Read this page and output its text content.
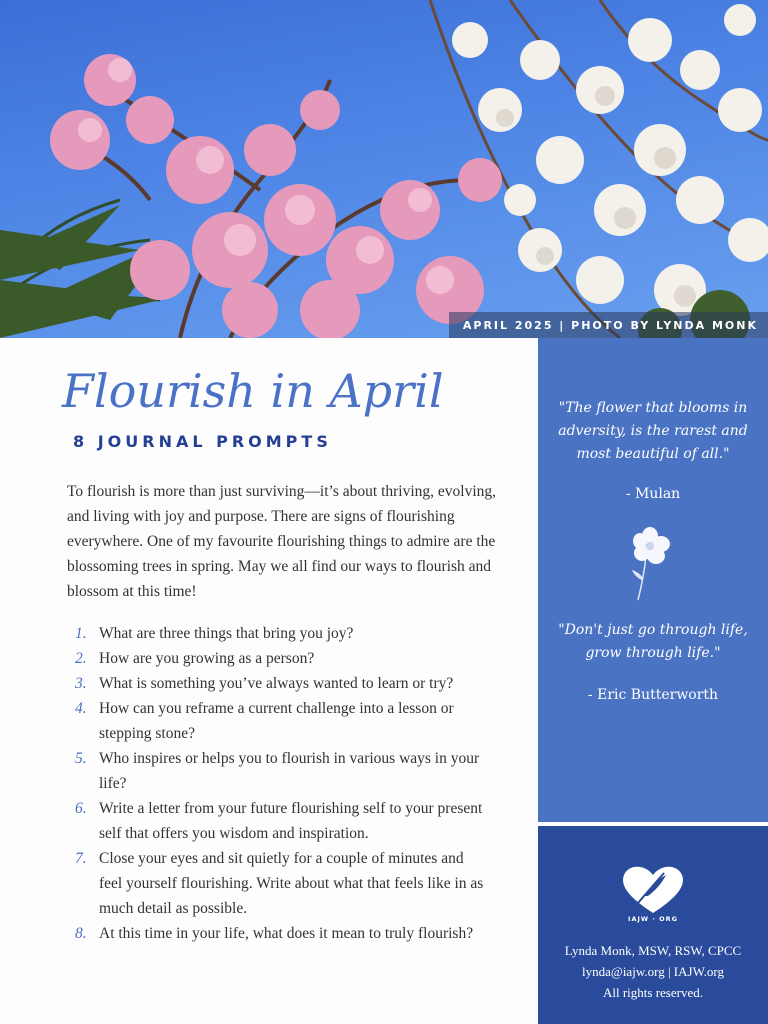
APRIL 2025 | PHOTO BY LYNDA MONK
Flourish in April
8 JOURNAL PROMPTS

To flourish is more than just surviving—it’s about thriving, evolving, and living with joy and purpose. There are signs of flourishing everywhere. One of my favourite flourishing things to admire are the blossoming trees in spring. May we all find our ways to flourish and blossom at this time!

1. What are three things that bring you joy?
2. How are you growing as a person?
3. What is something you’ve always wanted to learn or try?
4. How can you reframe a current challenge into a lesson or stepping stone?
5. Who inspires or helps you to flourish in various ways in your life?
6. Write a letter from your future flourishing self to your present self that offers you wisdom and inspiration.
7. Close your eyes and sit quietly for a couple of minutes and feel yourself flourishing. Write about what that feels like in as much detail as possible.
8. At this time in your life, what does it mean to truly flourish?
"The flower that blooms in adversity, is the rarest and most beautiful of all."
- Mulan
"Don't just go through life, grow through life."
- Eric Butterworth
IAJW · ORG
Lynda Monk, MSW, RSW, CPCC
lynda@iajw.org | IAJW.org
All rights reserved.
